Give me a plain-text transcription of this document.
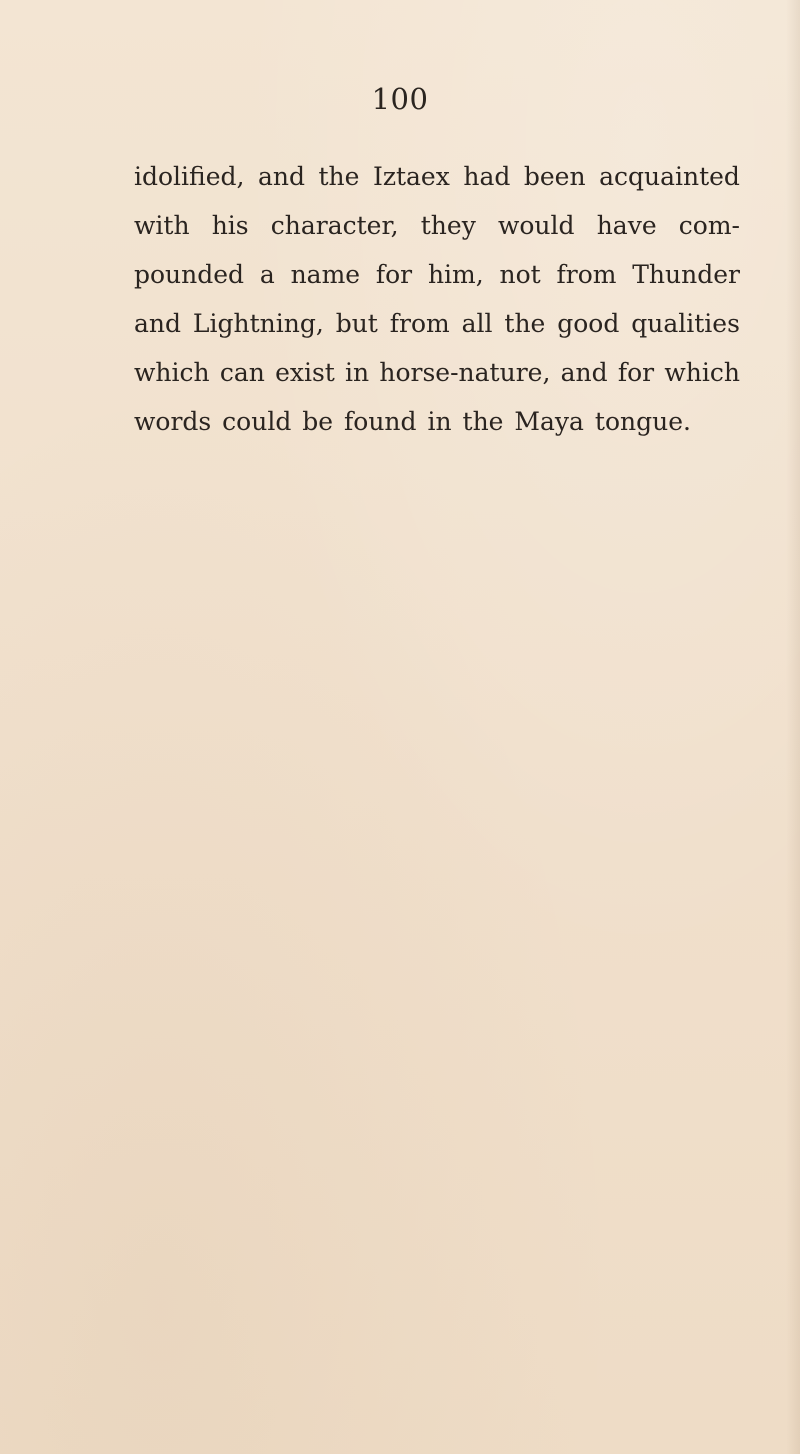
100
idolified, and the Iztaex had been acquainted
with his character, they would have com-
pounded a name for him, not from Thunder
and Lightning, but from all the good qualities
which can exist in horse-nature, and for which
words could be found in the Maya tongue.
